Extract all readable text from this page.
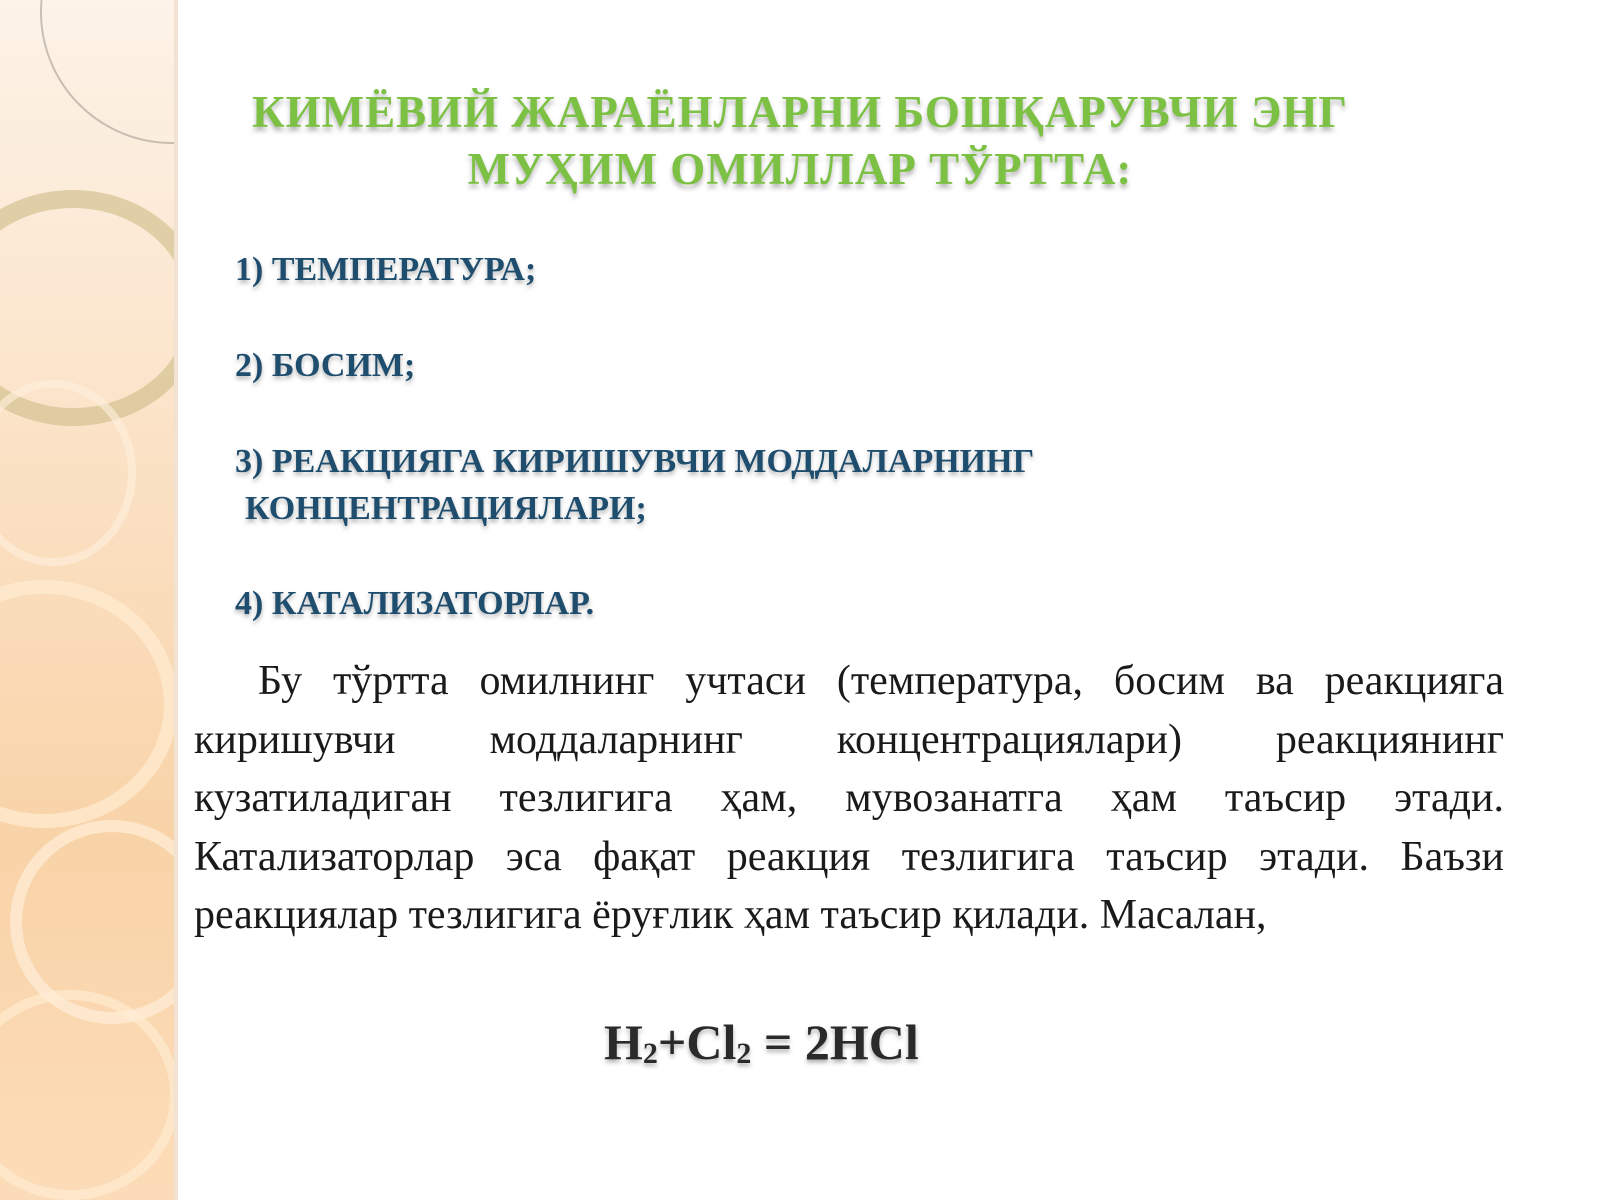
КИМЁВИЙ ЖАРАЁНЛАРНИ БОШҚАРУВЧИ ЭНГ
МУҲИМ ОМИЛЛАР ТЎРТТА:
1) ТЕМПЕРАТУРА;
2) БОСИМ;
3) РЕАКЦИЯГА КИРИШУВЧИ МОДДАЛАРНИНГ
КОНЦЕНТРАЦИЯЛАРИ;
4) КАТАЛИЗАТОРЛАР.

Бу тўртта омилнинг учтаси (температура, босим ва реакцияга киришувчи моддаларнинг концентрациялари) реакциянинг кузатиладиган тезлигига ҳам, мувозанатга ҳам таъсир этади. Катализаторлар эса фақат реакция тезлигига таъсир этади. Баъзи реакциялар тезлигига ёруғлик ҳам таъсир қилади. Масалан,

$H_2+Cl_2 = 2HCl$
